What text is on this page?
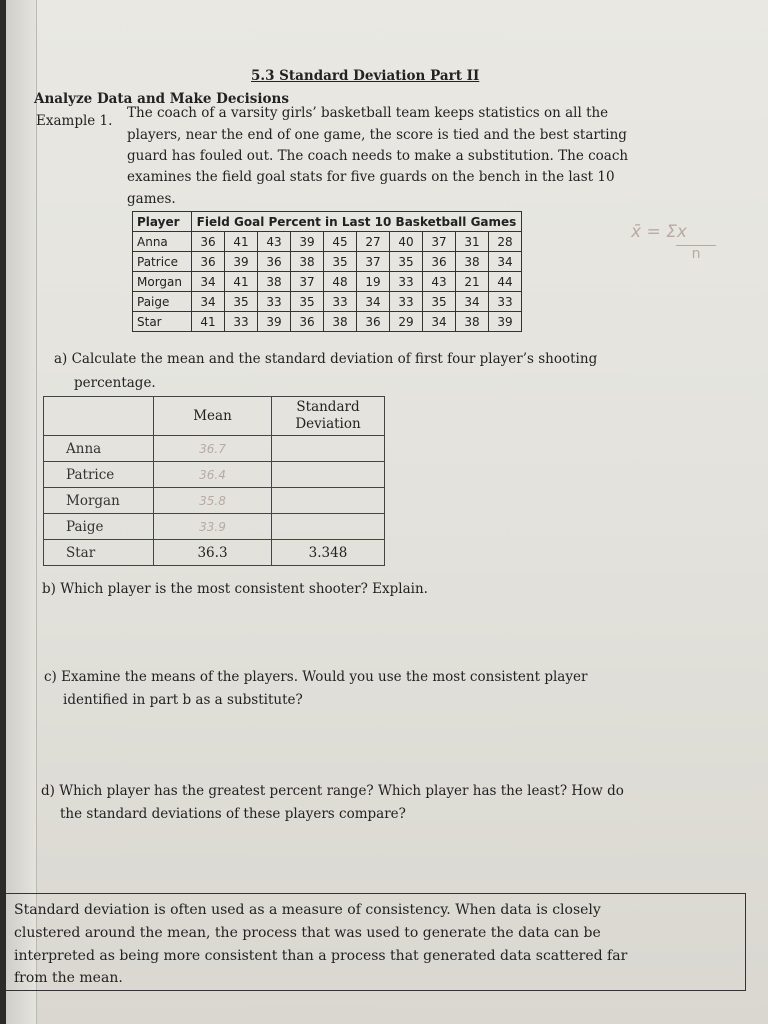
5.3 Standard Deviation Part II
Analyze Data and Make Decisions
Example 1. The coach of a varsity girls’ basketball team keeps statistics on all the
players, near the end of one game, the score is tied and the best starting
guard has fouled out. The coach needs to make a substitution. The coach
examines the field goal stats for five guards on the bench in the last 10
games.
Player	Field Goal Percent in Last 10 Basketball Games									
Anna	36	41	43	39	45	27	40	37	31	28
Patrice	36	39	36	38	35	37	35	36	38	34
Morgan	34	41	38	37	48	19	33	43	21	44
Paige	34	35	33	35	33	34	33	35	34	33
Star	41	33	39	36	38	36	29	34	38	39
x̄ = Σx
n
a) Calculate the mean and the standard deviation of first four player’s shooting
percentage.
	Mean	Standard
Deviation

Anna	36.7	
Patrice	36.4	
Morgan	35.8	
Paige	33.9	
Star	36.3	3.348
b) Which player is the most consistent shooter? Explain.
c) Examine the means of the players. Would you use the most consistent player
identified in part b as a substitute?
d) Which player has the greatest percent range? Which player has the least? How do
the standard deviations of these players compare?
Standard deviation is often used as a measure of consistency. When data is closely
clustered around the mean, the process that was used to generate the data can be
interpreted as being more consistent than a process that generated data scattered far
from the mean.
